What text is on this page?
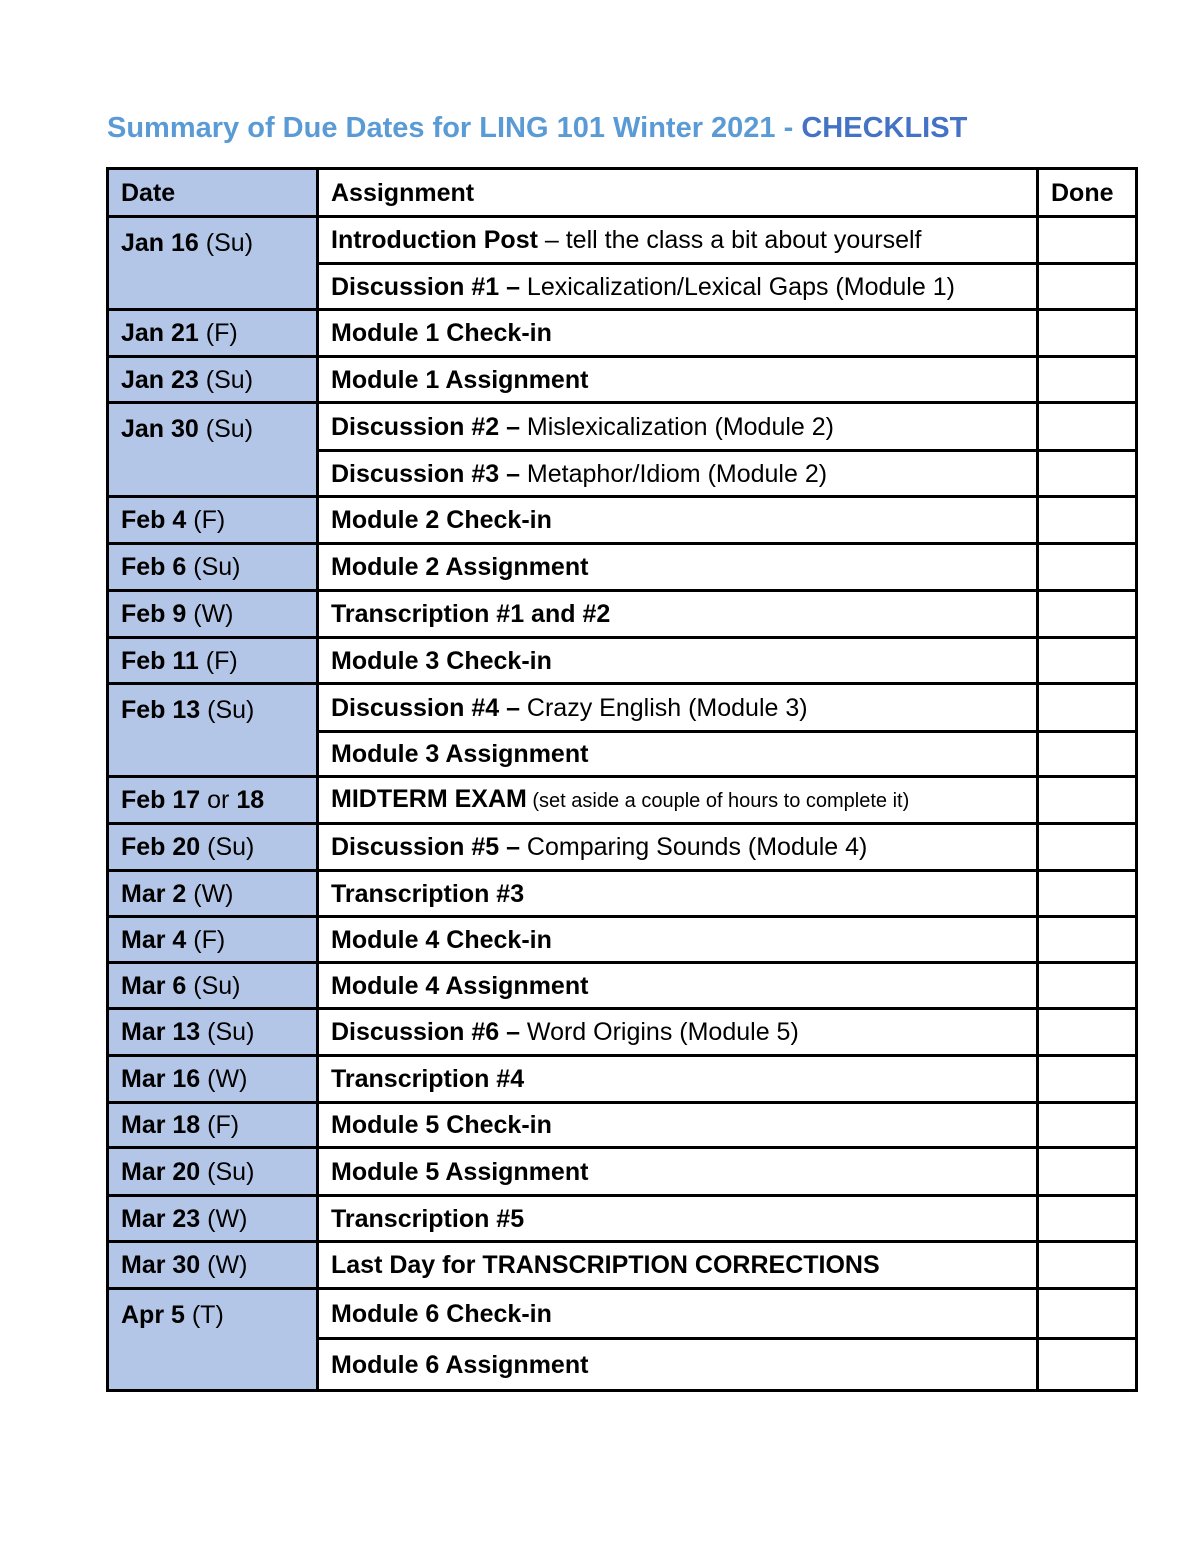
Summary of Due Dates for LING 101 Winter 2021 - CHECKLIST
Date	Assignment	Done
Jan 16 (Su)	Introduction Post – tell the class a bit about yourself	
	Discussion #1 – Lexicalization/Lexical Gaps (Module 1)	
Jan 21 (F)	Module 1 Check-in	
Jan 23 (Su)	Module 1 Assignment	
Jan 30 (Su)	Discussion #2 – Mislexicalization (Module 2)	
	Discussion #3 – Metaphor/Idiom (Module 2)	
Feb 4 (F)	Module 2 Check-in	
Feb 6 (Su)	Module 2 Assignment	
Feb 9 (W)	Transcription #1 and #2	
Feb 11 (F)	Module 3 Check-in	
Feb 13 (Su)	Discussion #4 – Crazy English (Module 3)	
	Module 3 Assignment	
Feb 17 or 18	MIDTERM EXAM (set aside a couple of hours to complete it)	
Feb 20 (Su)	Discussion #5 – Comparing Sounds (Module 4)	
Mar 2 (W)	Transcription #3	
Mar 4 (F)	Module 4 Check-in	
Mar 6 (Su)	Module 4 Assignment	
Mar 13 (Su)	Discussion #6 – Word Origins (Module 5)	
Mar 16 (W)	Transcription #4	
Mar 18 (F)	Module 5 Check-in	
Mar 20 (Su)	Module 5 Assignment	
Mar 23 (W)	Transcription #5	
Mar 30 (W)	Last Day for TRANSCRIPTION CORRECTIONS	
Apr 5 (T)	Module 6 Check-in	
	Module 6 Assignment	
